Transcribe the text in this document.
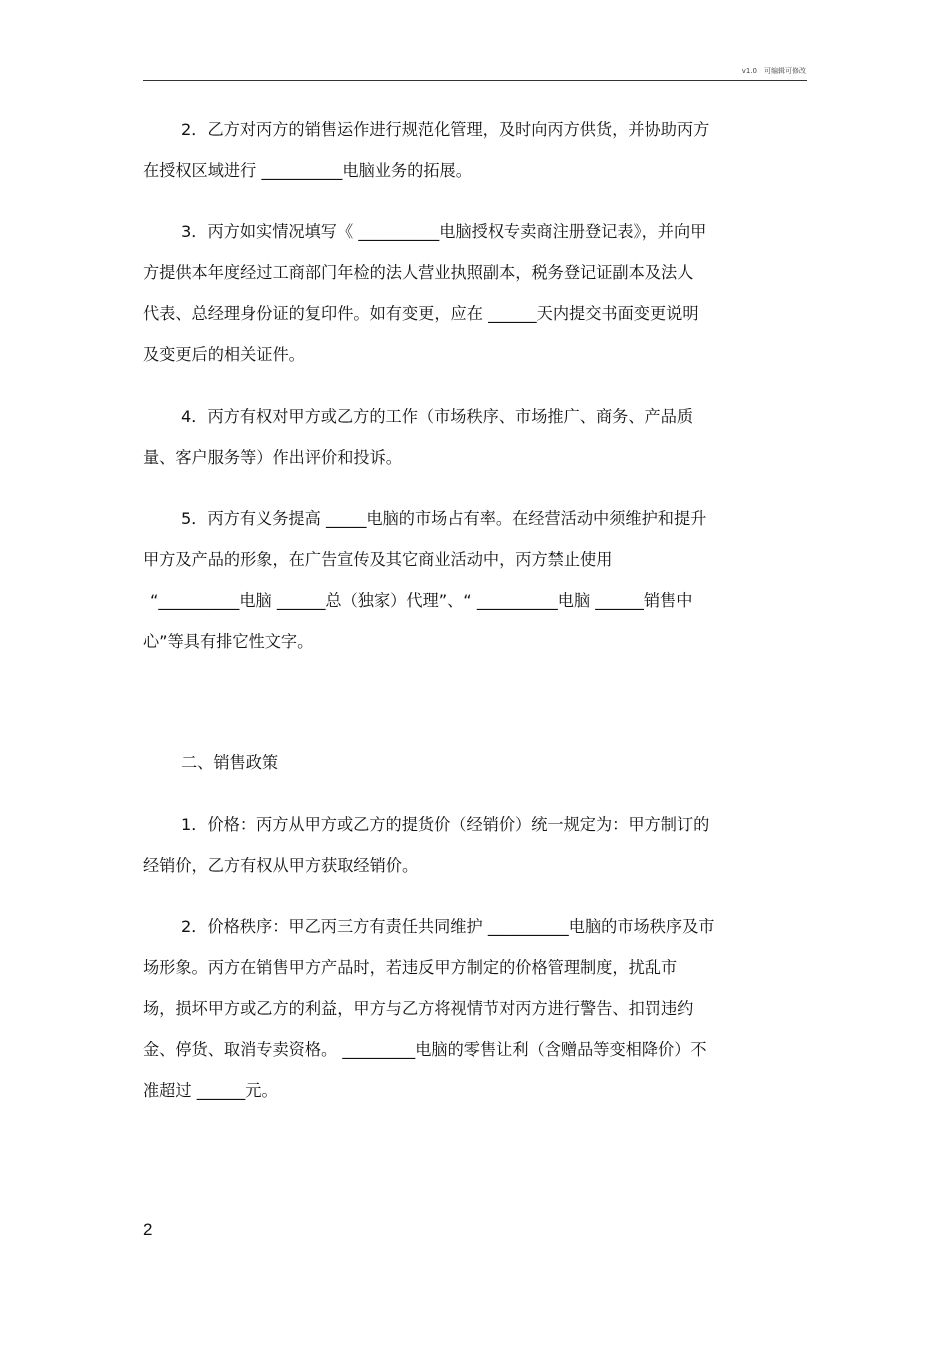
v1.0　可编辑可修改
2．乙方对丙方的销售运作进行规范化管理，及时向丙方供货，并协助丙方
在授权区域进行 __________电脑业务的拓展。
3．丙方如实情况填写《 __________电脑授权专卖商注册登记表》，并向甲
方提供本年度经过工商部门年检的法人营业执照副本，税务登记证副本及法人
代表、总经理身份证的复印件。如有变更，应在 ______天内提交书面变更说明
及变更后的相关证件。
4．丙方有权对甲方或乙方的工作（市场秩序、市场推广、商务、产品质
量、客户服务等）作出评价和投诉。
5．丙方有义务提高 _____电脑的市场占有率。在经营活动中须维护和提升
甲方及产品的形象，在广告宣传及其它商业活动中，丙方禁止使用
“__________电脑 ______总（独家）代理”、“ __________电脑 ______销售中
心”等具有排它性文字。
二、销售政策
1．价格：丙方从甲方或乙方的提货价（经销价）统一规定为：甲方制订的
经销价，乙方有权从甲方获取经销价。
2．价格秩序：甲乙丙三方有责任共同维护 __________电脑的市场秩序及市
场形象。丙方在销售甲方产品时，若违反甲方制定的价格管理制度，扰乱市
场，损坏甲方或乙方的利益，甲方与乙方将视情节对丙方进行警告、扣罚违约
金、停货、取消专卖资格。 _________电脑的零售让利（含赠品等变相降价）不
准超过 ______元。
2
